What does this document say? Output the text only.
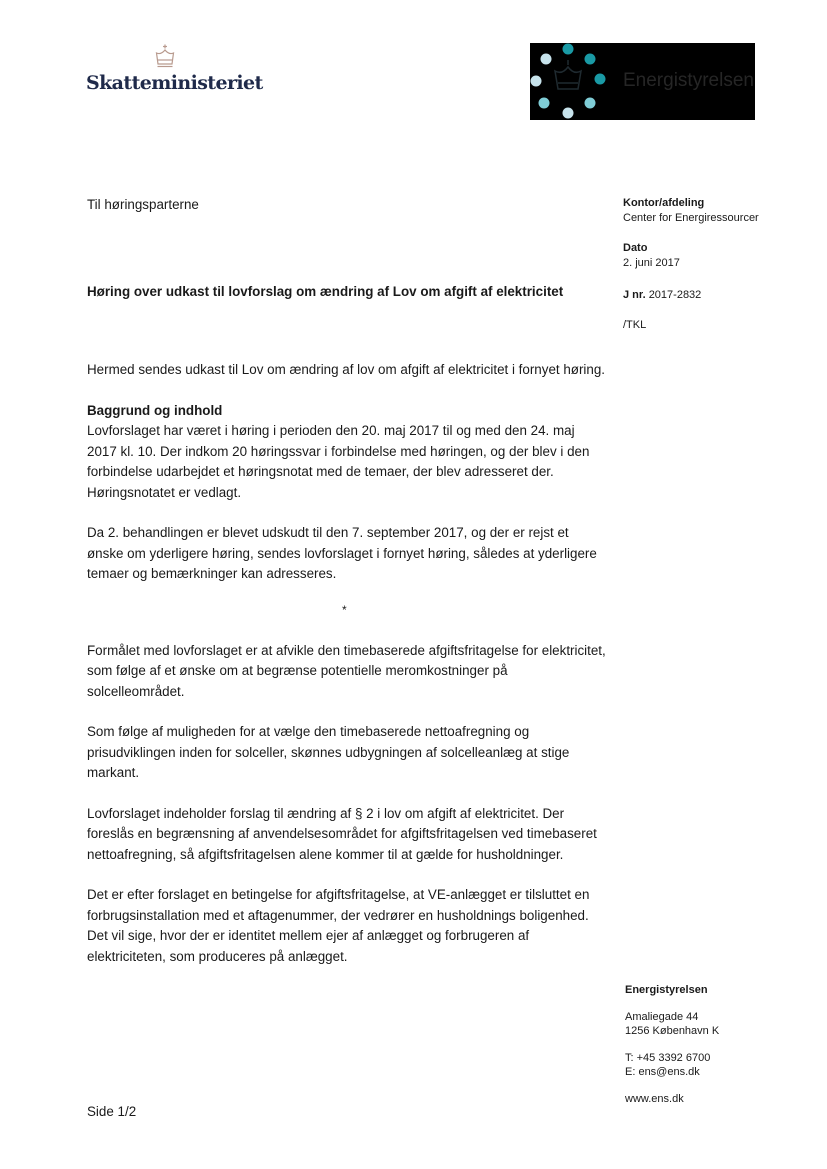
Skatteministeriet	Energistyrelsen
Til høringsparterne
Høring over udkast til lovforslag om ændring af Lov om afgift af elektricitet

Hermed sendes udkast til Lov om ændring af lov om afgift af elektricitet i fornyet høring.

Baggrund og indhold

Lovforslaget har været i høring i perioden den 20. maj 2017 til og med den 24. maj 2017 kl. 10. Der indkom 20 høringssvar i forbindelse med høringen, og der blev i den forbindelse udarbejdet et høringsnotat med de temaer, der blev adresseret der. Høringsnotatet er vedlagt.

Da 2. behandlingen er blevet udskudt til den 7. september 2017, og der er rejst et ønske om yderligere høring, sendes lovforslaget i fornyet høring, således at yderligere temaer og bemærkninger kan adresseres.

*

Formålet med lovforslaget er at afvikle den timebaserede afgiftsfritagelse for elektricitet, som følge af et ønske om at begrænse potentielle meromkostninger på solcelleområdet.

Som følge af muligheden for at vælge den timebaserede nettoafregning og prisudviklingen inden for solceller, skønnes udbygningen af solcelleanlæg at stige markant.

Lovforslaget indeholder forslag til ændring af § 2 i lov om afgift af elektricitet. Der foreslås en begrænsning af anvendelsesområdet for afgiftsfritagelsen ved timebaseret nettoafregning, så afgiftsfritagelsen alene kommer til at gælde for husholdninger.

Det er efter forslaget en betingelse for afgiftsfritagelse, at VE-anlægget er tilsluttet en forbrugsinstallation med et aftagenummer, der vedrører en husholdnings boligenhed. Det vil sige, hvor der er identitet mellem ejer af anlægget og forbrugeren af elektriciteten, som produceres på anlægget.

Kontor/afdeling
Center for Energiressourcer
Dato
2. juni 2017
J nr. 2017-2832
/TKL
Energistyrelsen
Amaliegade 44
1256 København K
T: +45 3392 6700
E: ens@ens.dk
www.ens.dk
Side 1/2
